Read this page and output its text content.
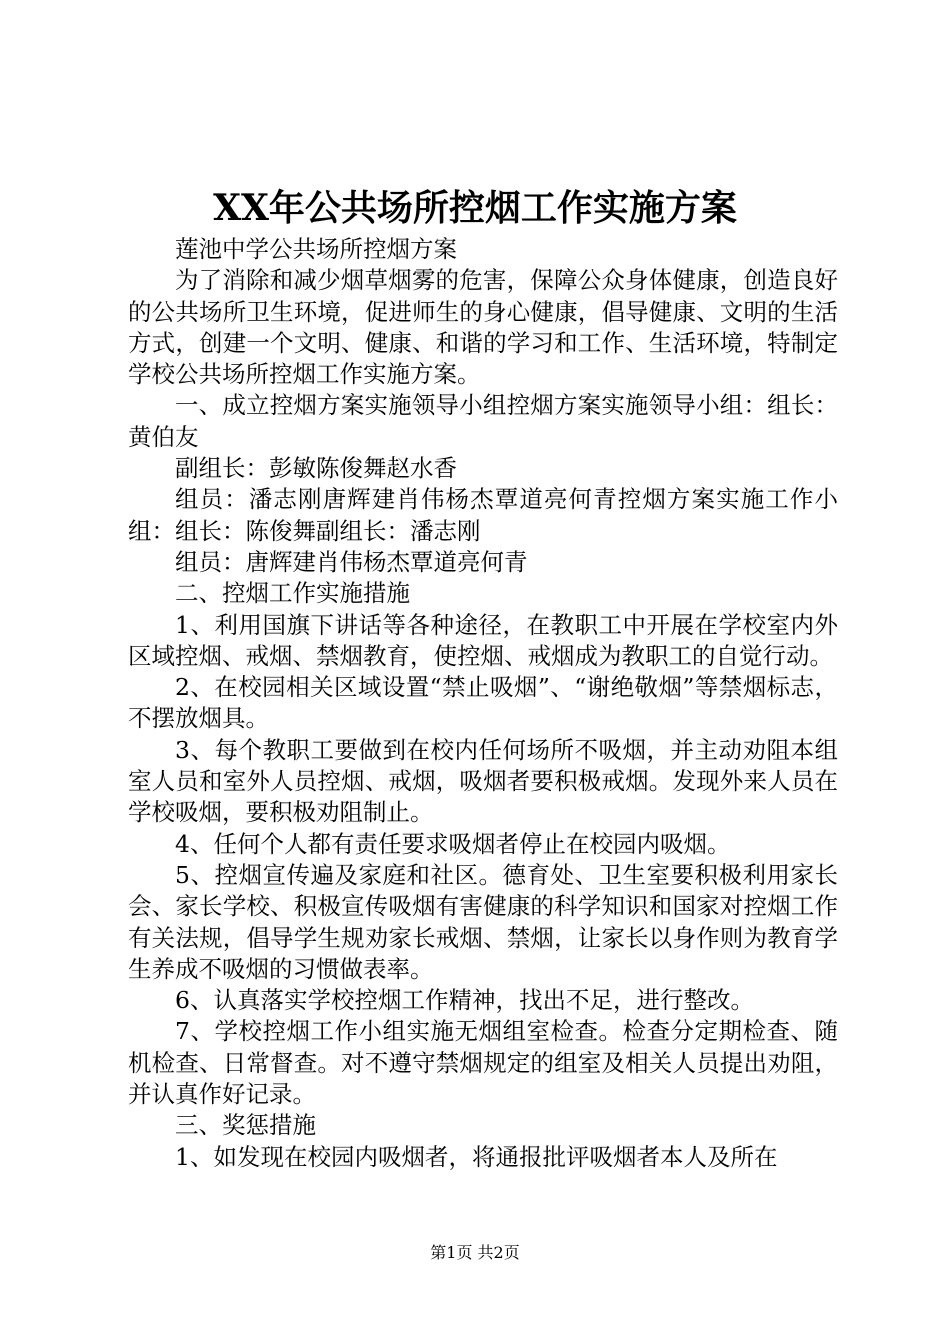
XX年公共场所控烟工作实施方案

莲池中学公共场所控烟方案

为了消除和减少烟草烟雾的危害，保障公众身体健康，创造良好的公共场所卫生环境，促进师生的身心健康，倡导健康、文明的生活方式，创建一个文明、健康、和谐的学习和工作、生活环境，特制定学校公共场所控烟工作实施方案。

一、成立控烟方案实施领导小组控烟方案实施领导小组：组长：黄伯友

副组长：彭敏陈俊舞赵水香

组员：潘志刚唐辉建肖伟杨杰覃道亮何青控烟方案实施工作小组：组长：陈俊舞副组长：潘志刚

组员：唐辉建肖伟杨杰覃道亮何青

二、控烟工作实施措施

1、利用国旗下讲话等各种途径，在教职工中开展在学校室内外区域控烟、戒烟、禁烟教育，使控烟、戒烟成为教职工的自觉行动。

2、在校园相关区域设置“禁止吸烟”、“谢绝敬烟”等禁烟标志，不摆放烟具。

3、每个教职工要做到在校内任何场所不吸烟，并主动劝阻本组室人员和室外人员控烟、戒烟，吸烟者要积极戒烟。发现外来人员在学校吸烟，要积极劝阻制止。

4、任何个人都有责任要求吸烟者停止在校园内吸烟。

5、控烟宣传遍及家庭和社区。德育处、卫生室要积极利用家长会、家长学校、积极宣传吸烟有害健康的科学知识和国家对控烟工作有关法规，倡导学生规劝家长戒烟、禁烟，让家长以身作则为教育学生养成不吸烟的习惯做表率。

6、认真落实学校控烟工作精神，找出不足，进行整改。

7、学校控烟工作小组实施无烟组室检查。检查分定期检查、随机检查、日常督查。对不遵守禁烟规定的组室及相关人员提出劝阻，并认真作好记录。

三、奖惩措施

1、如发现在校园内吸烟者，将通报批评吸烟者本人及所在

第1页 共2页
